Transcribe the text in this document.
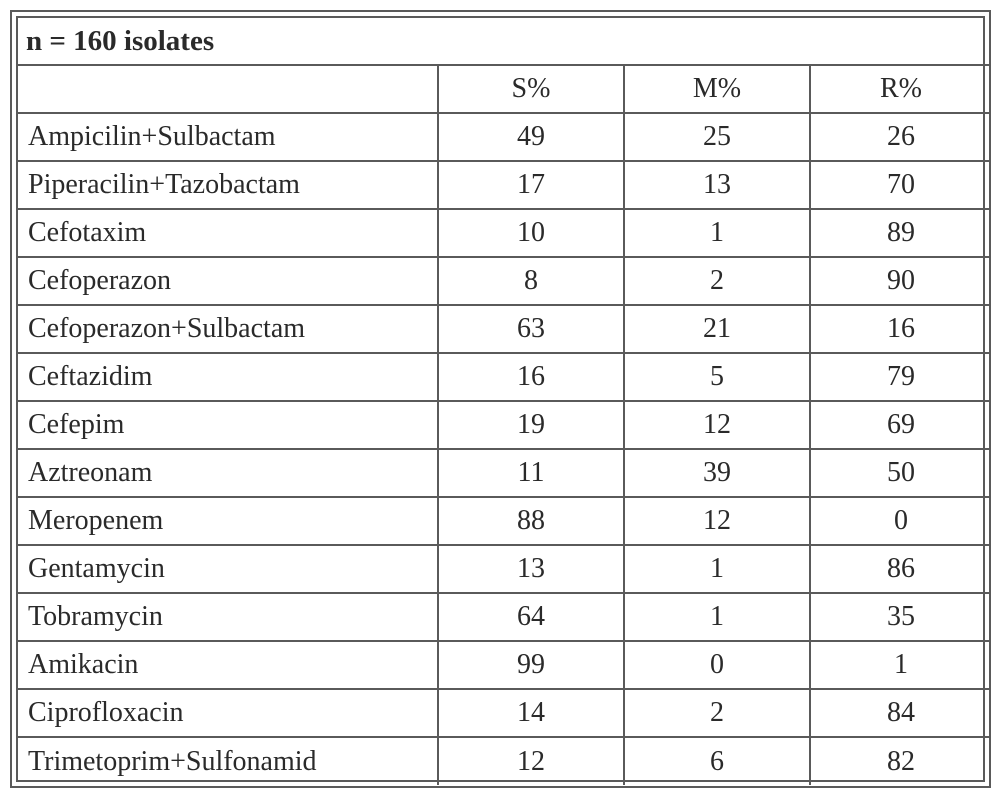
n = 160 isolates			
	S%	M%	R%
Ampicilin+Sulbactam	49	25	26
Piperacilin+Tazobactam	17	13	70
Cefotaxim	10	1	89
Cefoperazon	8	2	90
Cefoperazon+Sulbactam	63	21	16
Ceftazidim	16	5	79
Cefepim	19	12	69
Aztreonam	11	39	50
Meropenem	88	12	0
Gentamycin	13	1	86
Tobramycin	64	1	35
Amikacin	99	0	1
Ciprofloxacin	14	2	84
Trimetoprim+Sulfonamid	12	6	82
